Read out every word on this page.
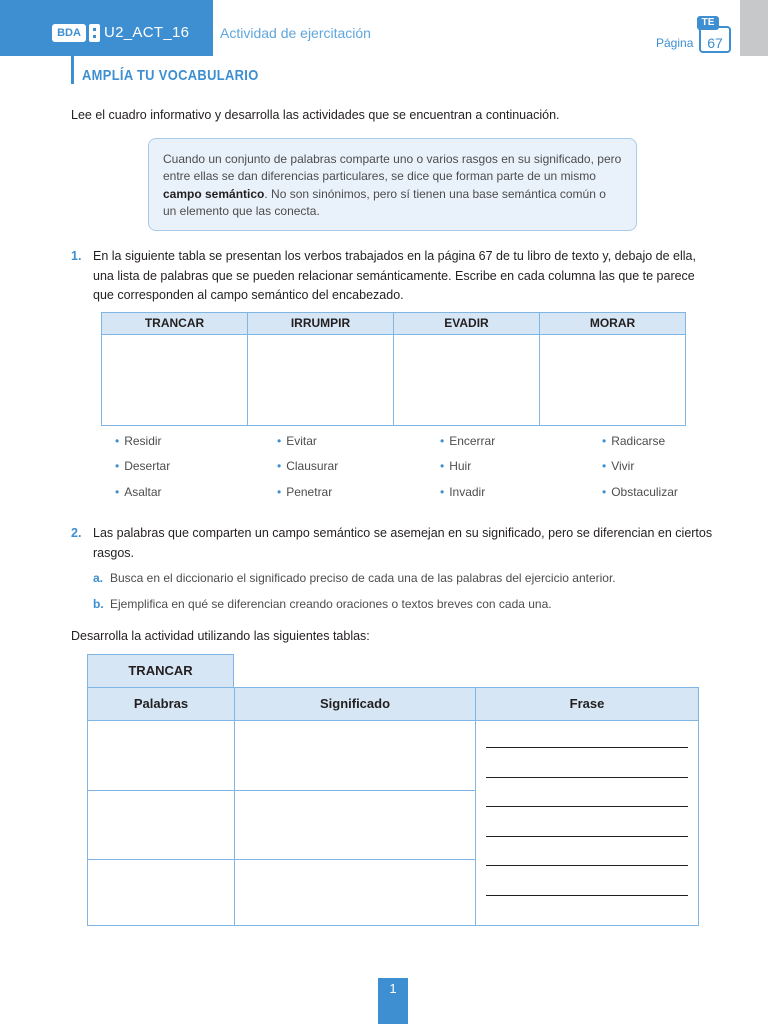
BDA	U2_ACT_16 Actividad de ejercitación
Página 67
TE
AMPLÍA TU VOCABULARIO
Lee el cuadro informativo y desarrolla las actividades que se encuentran a continuación.
Cuando un conjunto de palabras comparte uno o varios rasgos en su significado, pero entre ellas se dan diferencias particulares, se dice que forman parte de un mismo campo semántico. No son sinónimos, pero sí tienen una base semántica común o un elemento que las conecta.
1. En la siguiente tabla se presentan los verbos trabajados en la página 67 de tu libro de texto y, debajo de ella, una lista de palabras que se pueden relacionar semánticamente. Escribe en cada columna las que te parece que corresponden al campo semántico del encabezado.
TRANCAR	IRRUMPIR	EVADIR	MORAR
• Residir
• Desertar
• Asaltar
• Evitar
• Clausurar
• Penetrar
• Encerrar
• Huir
• Invadir
• Radicarse
• Vivir
• Obstaculizar
2. Las palabras que comparten un campo semántico se asemejan en su significado, pero se diferencian en ciertos rasgos.
a. Busca en el diccionario el significado preciso de cada una de las palabras del ejercicio anterior.
b. Ejemplifica en qué se diferencian creando oraciones o textos breves con cada una.
Desarrolla la actividad utilizando las siguientes tablas:
TRANCAR
Palabras	Significado	Frase
1
